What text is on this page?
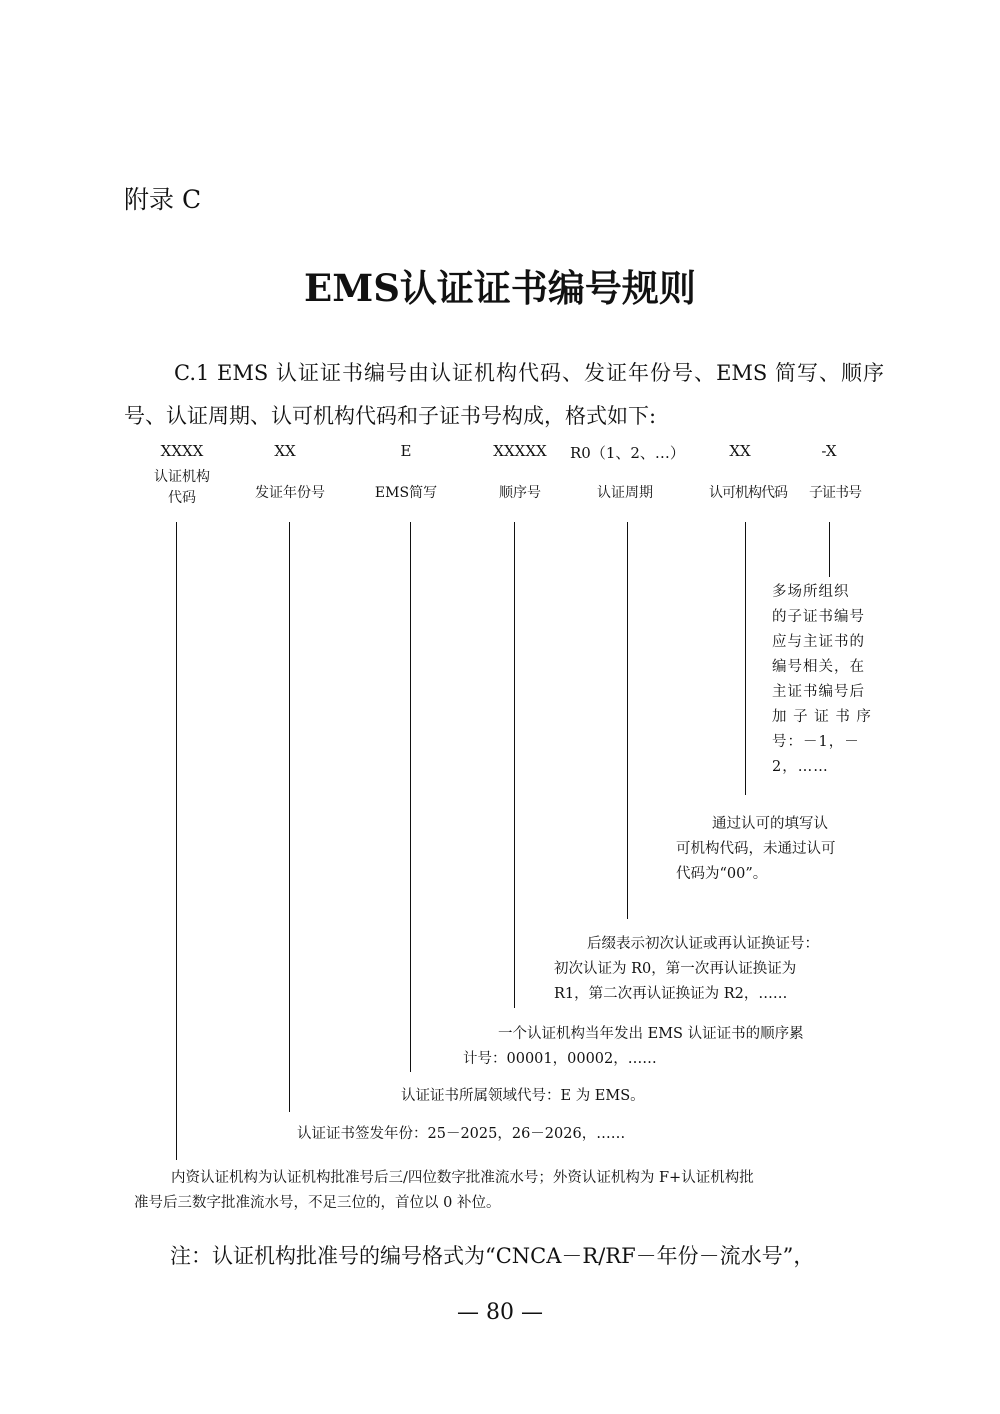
附录 C
EMS认证证书编号规则

C.1 EMS 认证证书编号由认证机构代码、发证年份号、EMS 简写、顺序号、认证周期、认可机构代码和子证书号构成，格式如下:

XXXX	XX	E	XXXXX	R0（1、2、…）	XX	-X
认证机构
代码	发证年份号	EMS简写	顺序号	认证周期	认可机构代码	子证书号
多场所组织
的子证书编号
应与主证书的
编号相关，在
主证书编号后
加 子 证 书 序
号：－1，－
2，……
通过认可的填写认
可机构代码，未通过认可
代码为“00”。
后缀表示初次认证或再认证换证号：
初次认证为 R0，第一次再认证换证为
R1，第二次再认证换证为 R2，……
一个认证机构当年发出 EMS 认证证书的顺序累
计号：00001，00002，……
认证证书所属领域代号：E 为 EMS。
认证证书签发年份：25－2025，26－2026，……
内资认证机构为认证机构批准号后三/四位数字批准流水号；外资认证机构为 F+认证机构批
准号后三数字批准流水号，不足三位的，首位以 0 补位。
注：认证机构批准号的编号格式为“CNCA－R/RF－年份－流水号”，
— 80 —
